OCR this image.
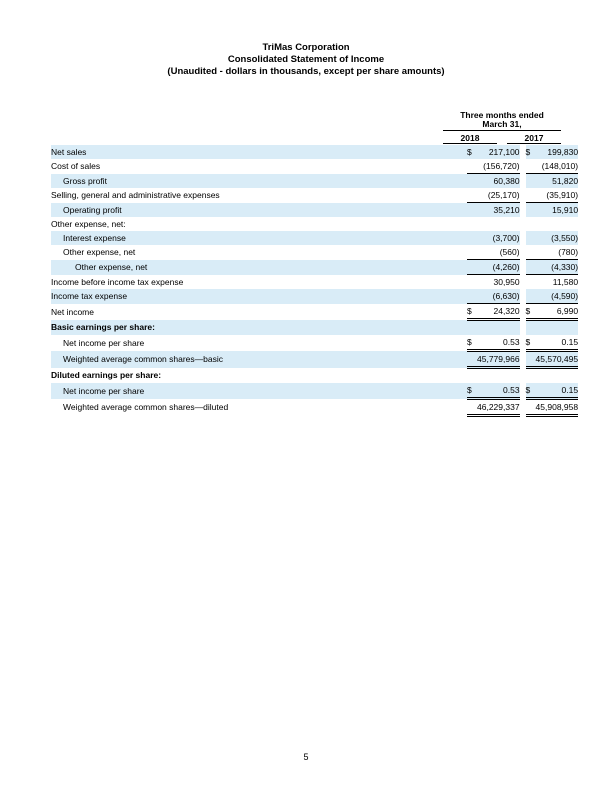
TriMas Corporation
Consolidated Statement of Income
(Unaudited - dollars in thousands, except per share amounts)
Three months ended
March 31,
2018	2017
Net sales	$	217,100		$	199,830
Cost of sales		(156,720)			(148,010)
Gross profit		60,380			51,820
Selling, general and administrative expenses		(25,170)			(35,910)
Operating profit		35,210			15,910
Other expense, net:					
Interest expense		(3,700)			(3,550)
Other expense, net		(560)			(780)
Other expense, net		(4,260)			(4,330)
Income before income tax expense		30,950			11,580
Income tax expense		(6,630)			(4,590)
Net income	$	24,320		$	6,990
Basic earnings per share:					
Net income per share	$	0.53		$	0.15
Weighted average common shares—basic		45,779,966			45,570,495
Diluted earnings per share:					
Net income per share	$	0.53		$	0.15
Weighted average common shares—diluted		46,229,337			45,908,958
5
